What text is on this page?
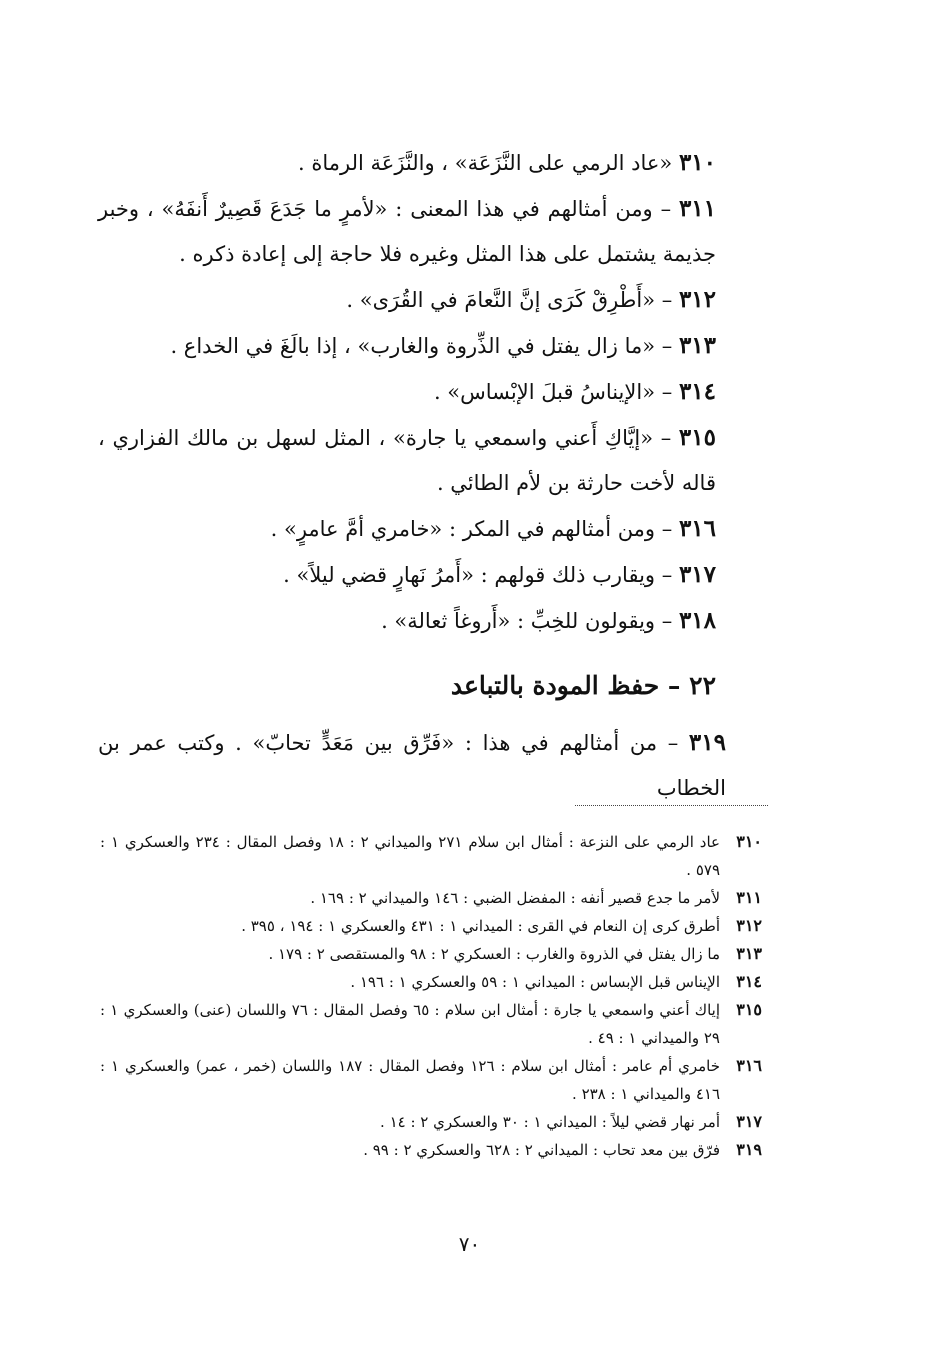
٣١٠ «عاد الرمي على النَّزَعَة» ، والنَّزَعَة الرماة .

٣١١ – ومن أمثالهم في هذا المعنى : «لأمرٍ ما جَدَعَ قَصِيرٌ أَنفَهُ» ، وخبر جذيمة يشتمل على هذا المثل وغيره فلا حاجة إلى إعادة ذكره .

٣١٢ – «أَطْرِقْ كَرَى إنَّ النَّعامَ في القُرَى» .

٣١٣ – «ما زال يفتل في الذِّروة والغارب» ، إذا بالَغَ في الخداع .

٣١٤ – «الإيناسُ قبلَ الإبْساس» .

٣١٥ – «إيَّاكِ أَعني واسمعي يا جارة» ، المثل لسهل بن مالك الفزاري ، قاله لأخت حارثة بن لأم الطائي .

٣١٦ – ومن أمثالهم في المكر : «خامري أمَّ عامرٍ» .

٣١٧ – ويقارب ذلك قولهم : «أَمرُ نَهارٍ قضي ليلاً» .

٣١٨ – ويقولون للخِبِّ : «أَروغاً ثعالة» .

٢٢ – حفظ المودة بالتباعد

٣١٩ – من أمثالهم في هذا : «فَرِّق بين مَعَدٍّ تحابّ» . وكتب عمر بن الخطاب

٣١٠
عاد الرمي على النزعة : أمثال ابن سلام ٢٧١ والميداني ٢ : ١٨ وفصل المقال : ٢٣٤ والعسكري ١ : ٥٧٩ .
٣١١
لأمر ما جدع قصير أنفه : المفضل الضبي : ١٤٦ والميداني ٢ : ١٦٩ .
٣١٢
أطرق كرى إن النعام في القرى : الميداني ١ : ٤٣١ والعسكري ١ : ١٩٤ ، ٣٩٥ .
٣١٣
ما زال يفتل في الذروة والغارب : العسكري ٢ : ٩٨ والمستقصى ٢ : ١٧٩ .
٣١٤
الإيناس قبل الإبساس : الميداني ١ : ٥٩ والعسكري ١ : ١٩٦ .
٣١٥
إياك أعني واسمعي يا جارة : أمثال ابن سلام : ٦٥ وفصل المقال : ٧٦ واللسان (عنى) والعسكري ١ : ٢٩ والميداني ١ : ٤٩ .
٣١٦
خامري أم عامر : أمثال ابن سلام : ١٢٦ وفصل المقال : ١٨٧ واللسان (خمر ، عمر) والعسكري ١ : ٤١٦ والميداني ١ : ٢٣٨ .
٣١٧
أمر نهار قضي ليلاً : الميداني ١ : ٣٠ والعسكري ٢ : ١٤ .
٣١٩
فرّق بين معد تحاب : الميداني ٢ : ٦٢٨ والعسكري ٢ : ٩٩ .
٧٠
